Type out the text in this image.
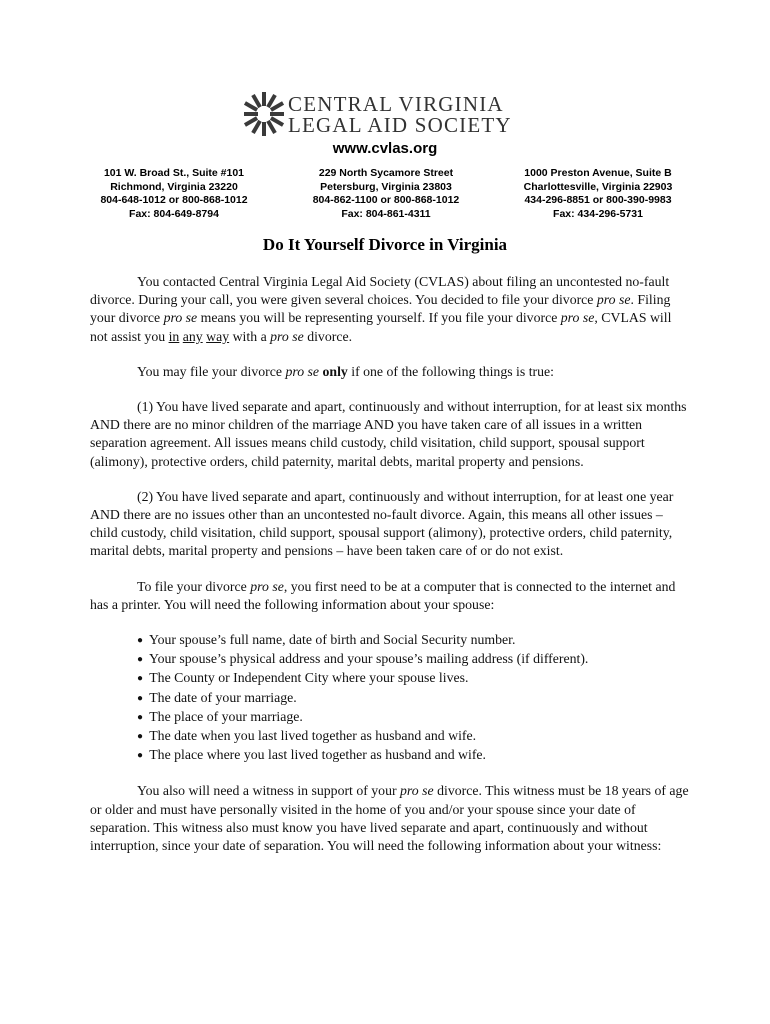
CENTRAL VIRGINIA
LEGAL AID SOCIETY
www.cvlas.org
101 W. Broad St., Suite #101
Richmond, Virginia 23220
804-648-1012 or 800-868-1012
Fax: 804-649-8794
229 North Sycamore Street
Petersburg, Virginia 23803
804-862-1100 or 800-868-1012
Fax: 804-861-4311
1000 Preston Avenue, Suite B
Charlottesville, Virginia 22903
434-296-8851 or 800-390-9983
Fax: 434-296-5731
Do It Yourself Divorce in Virginia

You contacted Central Virginia Legal Aid Society (CVLAS) about filing an uncontested no-fault divorce. During your call, you were given several choices. You decided to file your divorce pro se. Filing your divorce pro se means you will be representing yourself. If you file your divorce pro se, CVLAS will not assist you in any way with a pro se divorce.

You may file your divorce pro se only if one of the following things is true:

(1) You have lived separate and apart, continuously and without interruption, for at least six months AND there are no minor children of the marriage AND you have taken care of all issues in a written separation agreement. All issues means child custody, child visitation, child support, spousal support (alimony), protective orders, child paternity, marital debts, marital property and pensions.

(2) You have lived separate and apart, continuously and without interruption, for at least one year AND there are no issues other than an uncontested no-fault divorce. Again, this means all other issues – child custody, child visitation, child support, spousal support (alimony), protective orders, child paternity, marital debts, marital property and pensions – have been taken care of or do not exist.

To file your divorce pro se, you first need to be at a computer that is connected to the internet and has a printer. You will need the following information about your spouse:

● Your spouse’s full name, date of birth and Social Security number.
● Your spouse’s physical address and your spouse’s mailing address (if different).
● The County or Independent City where your spouse lives.
● The date of your marriage.
● The place of your marriage.
● The date when you last lived together as husband and wife.
● The place where you last lived together as husband and wife.

You also will need a witness in support of your pro se divorce. This witness must be 18 years of age or older and must have personally visited in the home of you and/or your spouse since your date of separation. This witness also must know you have lived separate and apart, continuously and without interruption, since your date of separation. You will need the following information about your witness:
